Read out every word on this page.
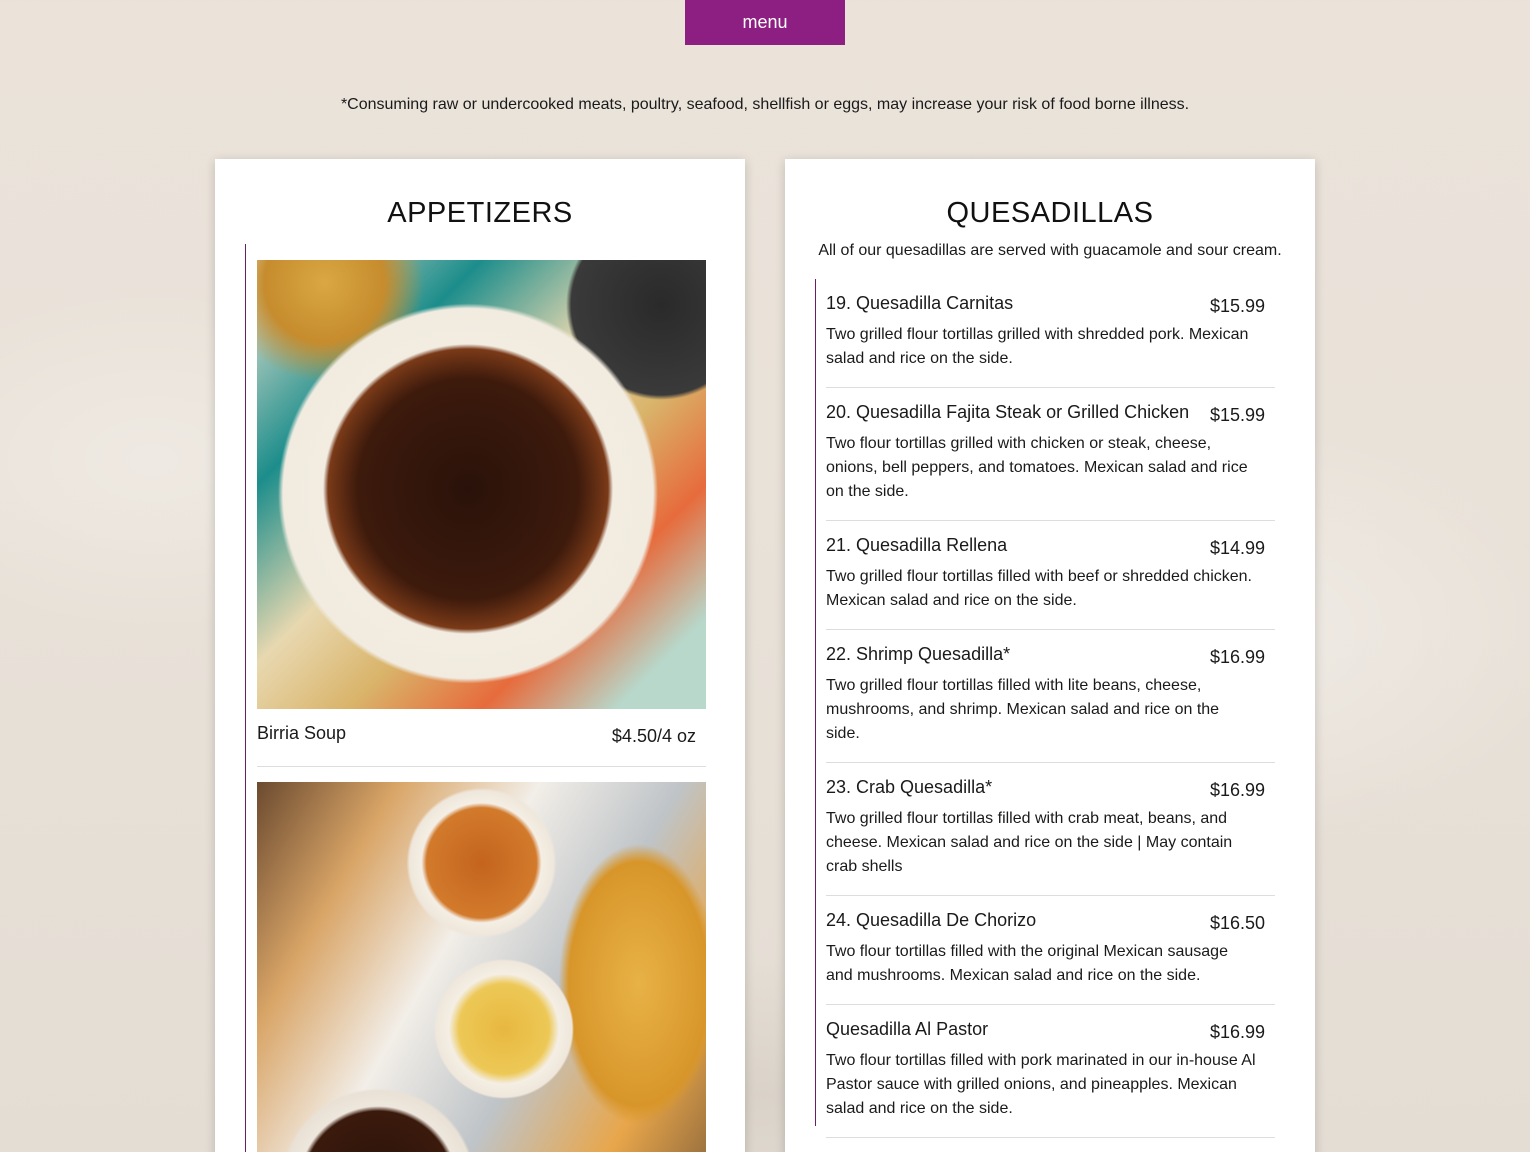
menu

*Consuming raw or undercooked meats, poultry, seafood, shellfish or eggs, may increase your risk of food borne illness.

APPETIZERS
Birria Soup	$4.50/4 oz
QUESADILLAS

All of our quesadillas are served with guacamole and sour cream.

19. Quesadilla Carnitas	$15.99

Two grilled flour tortillas grilled with shredded pork. Mexican salad and rice on the side.

20. Quesadilla Fajita Steak or Grilled Chicken $15.99

Two flour tortillas grilled with chicken or steak, cheese, onions, bell peppers, and tomatoes. Mexican salad and rice on the side.

21. Quesadilla Rellena	$14.99

Two grilled flour tortillas filled with beef or shredded chicken. Mexican salad and rice on the side.

22. Shrimp Quesadilla*	$16.99

Two grilled flour tortillas filled with lite beans, cheese, mushrooms, and shrimp. Mexican salad and rice on the side.

23. Crab Quesadilla*	$16.99

Two grilled flour tortillas filled with crab meat, beans, and cheese. Mexican salad and rice on the side | May contain crab shells

24. Quesadilla De Chorizo	$16.50

Two flour tortillas filled with the original Mexican sausage and mushrooms. Mexican salad and rice on the side.

Quesadilla Al Pastor	$16.99

Two flour tortillas filled with pork marinated in our in-house Al Pastor sauce with grilled onions, and pineapples. Mexican salad and rice on the side.
